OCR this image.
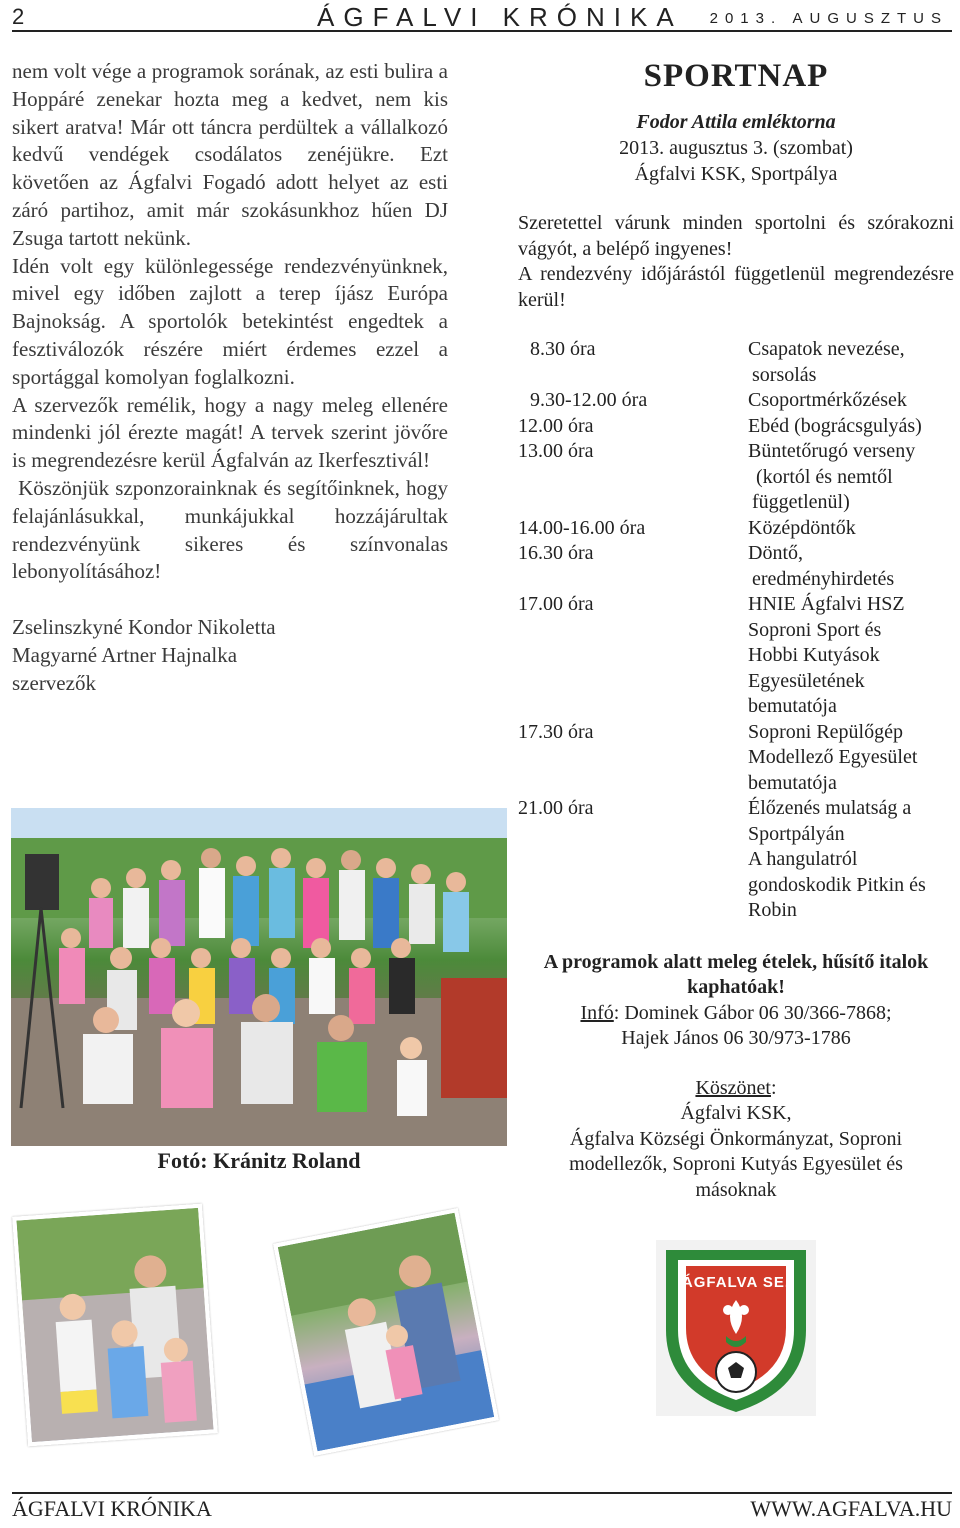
2	ÁGFALVI KRÓNIKA 2013. AUGUSZTUS

nem volt vége a programok sorának, az esti bulira a Hoppáré zenekar hozta meg a kedvet, nem kis sikert aratva! Már ott táncra perdültek a vállalkozó kedvű vendégek csodálatos zenéjükre. Ezt követően az Ágfalvi Fogadó adott helyet az esti záró partihoz, amit már szokásunkhoz hűen DJ Zsuga tartott nekünk.

Idén volt egy különlegessége rendezvényünknek, mivel egy időben zajlott a terep íjász Európa Bajnokság. A sportolók betekintést engedtek a fesztiválozók részére miért érdemes ezzel a sportággal komolyan foglalkozni.

A szervezők remélik, hogy a nagy meleg ellenére mindenki jól érezte magát! A tervek szerint jövőre is megrendezésre kerül Ágfalván az Ikerfesztivál!

Köszönjük szponzorainknak és segítőinknek, hogy felajánlásukkal, munkájukkal hozzájárultak rendezvényünk sikeres és színvonalas lebonyolításához!

Zselinszkyné Kondor Nikoletta
Magyarné Artner Hajnalka
szervezők
Fotó: Kránitz Roland
SPORTNAP
Fodor Attila emléktorna
2013. augusztus 3. (szombat)
Ágfalvi KSK, Sportpálya

Szeretettel várunk minden sportolni és szórakozni vágyót, a belépő ingyenes!

A rendezvény időjárástól függetlenül megrendezésre kerül!

8.30 óra	Csapatok nevezése,
sorsolás
9.30-12.00 óra	Csoportmérkőzések
12.00 óra	Ebéd (bográcsgulyás)
13.00 óra	Büntetőrugó verseny
(kortól és nemtől
függetlenül)
14.00-16.00 óra	Középdöntők
16.30 óra	Döntő,
eredményhirdetés
17.00 óra	HNIE Ágfalvi HSZ
Soproni Sport és
Hobbi Kutyások
Egyesületének
bemutatója
17.30 óra	Soproni Repülőgép
Modellező Egyesület
bemutatója
21.00 óra	Élőzenés mulatság a
Sportpályán
A hangulatról
gondoskodik Pitkin és
Robin
A programok alatt meleg ételek, hűsítő italok kaphatóak!
Infó: Dominek Gábor 06 30/366-7868;
Hajek János 06 30/973-1786
Köszönet:
Ágfalvi KSK,
Ágfalva Községi Önkormányzat, Soproni
modellezők, Soproni Kutyás Egyesület és
másoknak
ÁGFALVA SE.
ÁGFALVI KRÓNIKA	WWW.AGFALVA.HU
